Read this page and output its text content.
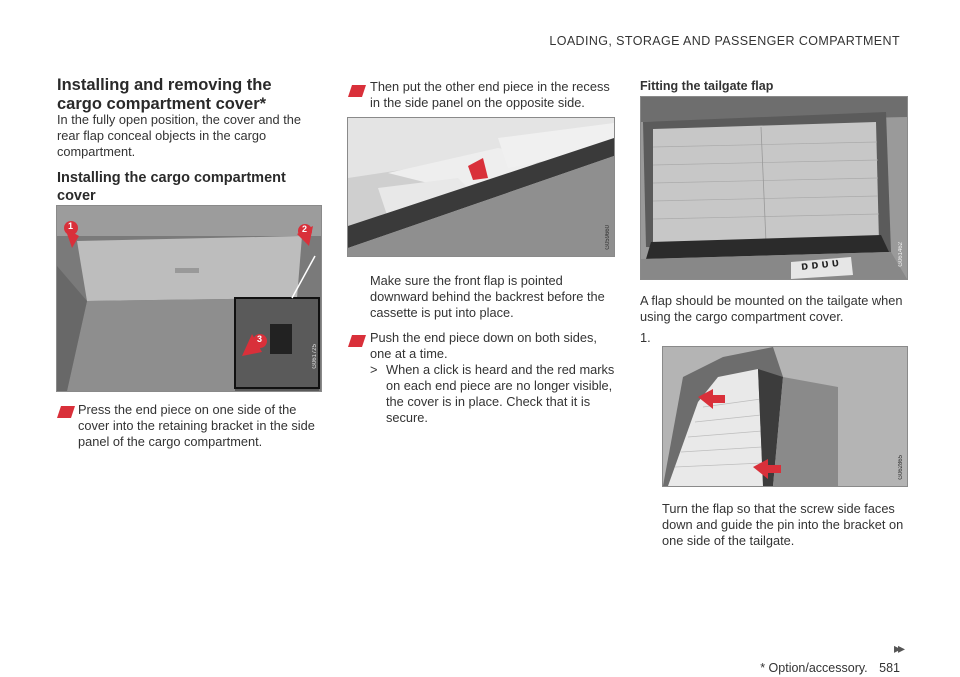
LOADING, STORAGE AND PASSENGER COMPARTMENT
Installing and removing the cargo compartment cover*
In the fully open position, the cover and the rear flap conceal objects in the cargo compartment.
Installing the cargo compartment cover
1	2
3
G061725
Press the end piece on one side of the cover into the retaining bracket in the side panel of the cargo compartment.
Then put the other end piece in the recess in the side panel on the opposite side.
G059660
Make sure the front flap is pointed downward behind the backrest before the cassette is put into place.
Push the end piece down on both sides, one at a time.
> When a click is heard and the red marks on each end piece are no longer visible, the cover is in place. Check that it is secure.
Fitting the tailgate flap
ᴅ ᴅ ᴜ ᴜ	G061462
A flap should be mounted on the tailgate when using the cargo compartment cover.
1.
G062865
Turn the flap so that the screw side faces down and guide the pin into the bracket on one side of the tailgate.
▸▸
* Option/accessory. 581
